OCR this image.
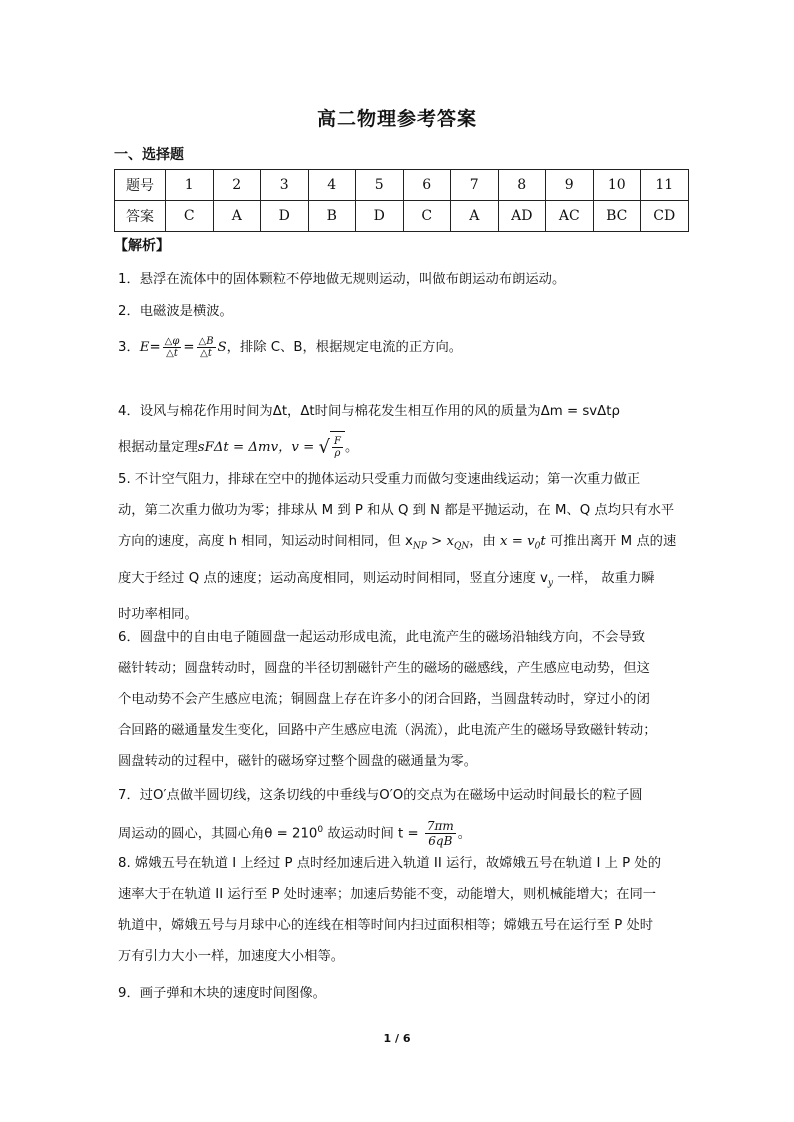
高二物理参考答案
一、选择题
题号	1	2	3	4	5	6	7	8	9	10	11
答案	C	A	D	B	D	C	A	AD	AC	BC	CD
【解析】
1．悬浮在流体中的固体颗粒不停地做无规则运动，叫做布朗运动布朗运动。
2．电磁波是横波。
3．$E= \frac{\triangle\varphi}{\triangle t} = \frac{\triangle B}{\triangle t}$ S，排除 C、B，根据规定电流的正方向。
4．设风与棉花作用时间为Δt，Δt时间与棉花发生相互作用的风的质量为Δm = svΔtρ
根据动量定理sFΔt = Δmv，v = √ $\frac{F}{\rho}$ 。
5. 不计空气阻力，排球在空中的抛体运动只受重力而做匀变速曲线运动；第一次重力做正
动，第二次重力做功为零；排球从 M 到 P 和从 Q 到 N 都是平抛运动，在 M、Q 点均只有水平
方向的速度，高度 h 相同，知运动时间相同，但 $x_{NP} > x_{QN}$，由 $x = v_0t$ 可推出离开 M 点的速
度大于经过 Q 点的速度；运动高度相同，则运动时间相同，竖直分速度 $v_y$ 一样， 故重力瞬
时功率相同。
6．圆盘中的自由电子随圆盘一起运动形成电流，此电流产生的磁场沿轴线方向，不会导致
磁针转动；圆盘转动时，圆盘的半径切割磁针产生的磁场的磁感线，产生感应电动势，但这
个电动势不会产生感应电流；铜圆盘上存在许多小的闭合回路，当圆盘转动时，穿过小的闭
合回路的磁通量发生变化，回路中产生感应电流（涡流），此电流产生的磁场导致磁针转动；
圆盘转动的过程中，磁针的磁场穿过整个圆盘的磁通量为零。
7．过O′点做半圆切线，这条切线的中垂线与O′O的交点为在磁场中运动时间最长的粒子圆
周运动的圆心，其圆心角$\theta = 210^0$ 故运动时间 $t = \frac{7\pi m}{6qB}$ 。
8. 嫦娥五号在轨道 I 上经过 P 点时经加速后进入轨道 II 运行，故嫦娥五号在轨道 I 上 P 处的
速率大于在轨道 II 运行至 P 处时速率；加速后势能不变，动能增大，则机械能增大；在同一
轨道中，嫦娥五号与月球中心的连线在相等时间内扫过面积相等；嫦娥五号在运行至 P 处时
万有引力大小一样，加速度大小相等。
9．画子弹和木块的速度时间图像。
1 / 6
